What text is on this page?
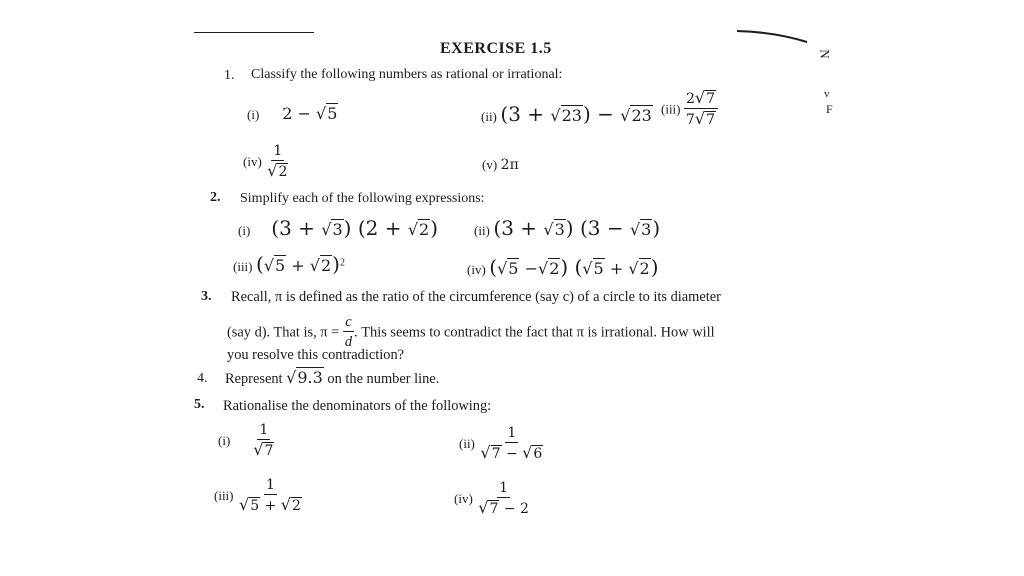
N
v
F
EXERCISE 1.5
1. Classify the following numbers as rational or irrational:
(i) 2 − √5	(ii) (3 + √23) − √23 $(iii) \frac{2√7}{7√7}$
$(iv) \frac{1}{√2}$	(v) 2π
2. Simplify each of the following expressions:
(i) (3 + √3) (2 + √2)	(ii) (3 + √3) (3 − √3)
(iii) $(√5 + √2)^2$	(iv) (√5 −√2) (√5 + √2)
3. Recall, π is defined as the ratio of the circumference (say c) of a circle to its diameter
(say d). That is, $\pi = \frac{c}{d}$ . This seems to contradict the fact that π is irrational. How will
you resolve this contradiction?
4. Represent √9.3 on the number line.
5. Rationalise the denominators of the following:
$(i) \frac{1}{√7}$	$(ii) \frac{1}{√7 - √6}$
$(iii) \frac{1}{√5 + √2}$	$(iv) \frac{1}{√7 - 2}$
